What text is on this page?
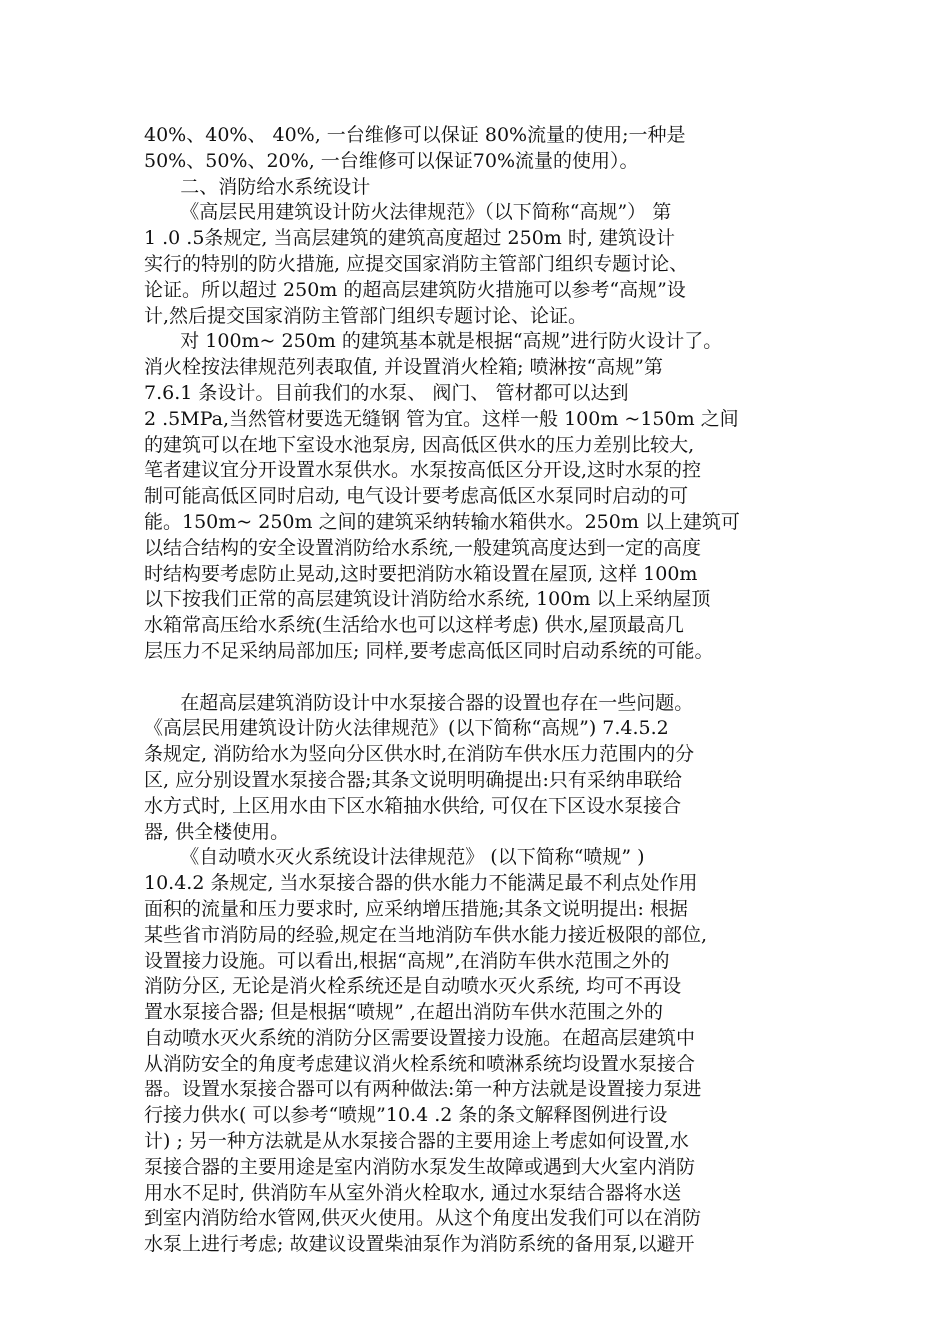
40%、40%、 40%, 一台维修可以保证 80%流量的使用;一种是
50%、50%、20%, 一台维修可以保证70%流量的使用）。
二、消防给水系统设计
《高层民用建筑设计防火法律规范》（以下简称“高规”） 第
1 .0 .5条规定, 当高层建筑的建筑高度超过 250m 时, 建筑设计
实行的特别的防火措施, 应提交国家消防主管部门组织专题讨论、
论证。所以超过 250m 的超高层建筑防火措施可以参考“高规”设
计,然后提交国家消防主管部门组织专题讨论、论证。
对 100m~ 250m 的建筑基本就是根据“高规”进行防火设计了。
消火栓按法律规范列表取值, 并设置消火栓箱; 喷淋按“高规”第
7.6.1 条设计。目前我们的水泵、 阀门、 管材都可以达到
2 .5MPa,当然管材要选无缝钢 管为宜。这样一般 100m ~150m 之间
的建筑可以在地下室设水池泵房, 因高低区供水的压力差别比较大,
笔者建议宜分开设置水泵供水。水泵按高低区分开设,这时水泵的控
制可能高低区同时启动, 电气设计要考虑高低区水泵同时启动的可
能。150m~ 250m 之间的建筑采纳转输水箱供水。250m 以上建筑可
以结合结构的安全设置消防给水系统,一般建筑高度达到一定的高度
时结构要考虑防止晃动,这时要把消防水箱设置在屋顶, 这样 100m
以下按我们正常的高层建筑设计消防给水系统, 100m 以上采纳屋顶
水箱常高压给水系统(生活给水也可以这样考虑) 供水,屋顶最高几
层压力不足采纳局部加压; 同样,要考虑高低区同时启动系统的可能。
在超高层建筑消防设计中水泵接合器的设置也存在一些问题。
《高层民用建筑设计防火法律规范》(以下简称“高规”) 7.4.5.2
条规定, 消防给水为竖向分区供水时,在消防车供水压力范围内的分
区, 应分别设置水泵接合器;其条文说明明确提出:只有采纳串联给
水方式时, 上区用水由下区水箱抽水供给, 可仅在下区设水泵接合
器, 供全楼使用。
《自动喷水灭火系统设计法律规范》 (以下简称“喷规” )
10.4.2 条规定, 当水泵接合器的供水能力不能满足最不利点处作用
面积的流量和压力要求时, 应采纳增压措施;其条文说明提出: 根据
某些省市消防局的经验,规定在当地消防车供水能力接近极限的部位,
设置接力设施。可以看出,根据“高规”,在消防车供水范围之外的
消防分区, 无论是消火栓系统还是自动喷水灭火系统, 均可不再设
置水泵接合器; 但是根据“喷规” ,在超出消防车供水范围之外的
自动喷水灭火系统的消防分区需要设置接力设施。在超高层建筑中
从消防安全的角度考虑建议消火栓系统和喷淋系统均设置水泵接合
器。设置水泵接合器可以有两种做法:第一种方法就是设置接力泵进
行接力供水( 可以参考“喷规”10.4 .2 条的条文解释图例进行设
计) ; 另一种方法就是从水泵接合器的主要用途上考虑如何设置,水
泵接合器的主要用途是室内消防水泵发生故障或遇到大火室内消防
用水不足时, 供消防车从室外消火栓取水, 通过水泵结合器将水送
到室内消防给水管网,供灭火使用。从这个角度出发我们可以在消防
水泵上进行考虑; 故建议设置柴油泵作为消防系统的备用泵,以避开
